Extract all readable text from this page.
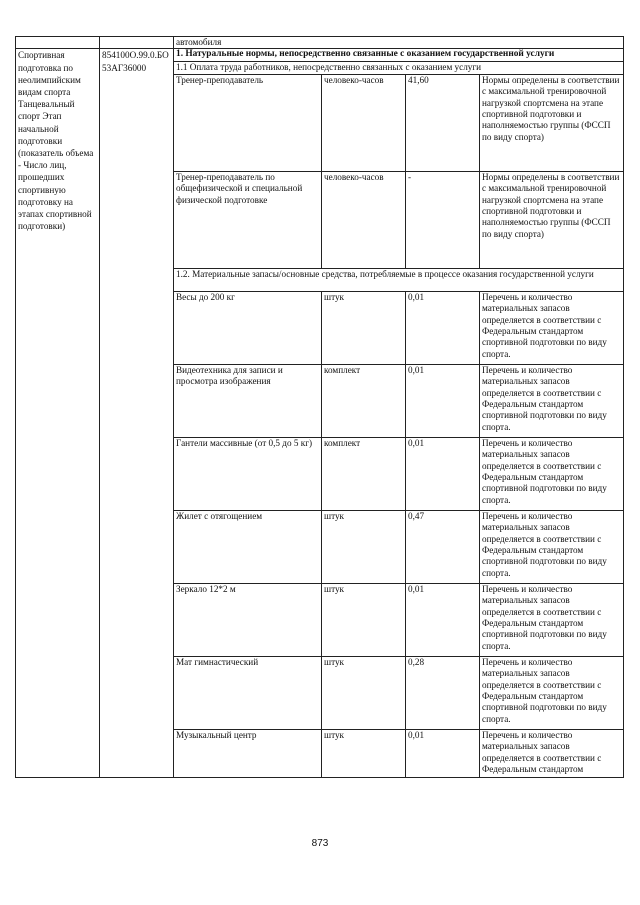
		автомобиля			
Спортивная подготовка по неолимпийским видам спорта Танцевальный спорт Этап начальной подготовки (показатель объема - Число лиц, прошедших спортивную подготовку на этапах спортивной подготовки)	854100О.99.0.БО53АГ36000	1. Натуральные нормы, непосредственно связанные с оказанием государственной услуги			
		1.1 Оплата труда работников, непосредственно связанных с оказанием услуги			
		Тренер-преподаватель	человеко-часов	41,60	Нормы определены в соответствии с максимальной тренировочной нагрузкой спортсмена на этапе спортивной подготовки и наполняемостью группы (ФССП по виду спорта)
		Тренер-преподаватель по общефизической и специальной физической подготовке	человеко-часов	-	Нормы определены в соответствии с максимальной тренировочной нагрузкой спортсмена на этапе спортивной подготовки и наполняемостью группы (ФССП по виду спорта)
		1.2. Материальные запасы/основные средства, потребляемые в процессе оказания государственной услуги			
		Весы до 200 кг	штук	0,01	Перечень и количество материальных запасов определяется в соответствии с Федеральным стандартом спортивной подготовки по виду спорта.
		Видеотехника для записи и просмотра изображения	комплект	0,01	Перечень и количество материальных запасов определяется в соответствии с Федеральным стандартом спортивной подготовки по виду спорта.
		Гантели массивные (от 0,5 до 5 кг)	комплект	0,01	Перечень и количество материальных запасов определяется в соответствии с Федеральным стандартом спортивной подготовки по виду спорта.
		Жилет с отягощением	штук	0,47	Перечень и количество материальных запасов определяется в соответствии с Федеральным стандартом спортивной подготовки по виду спорта.
		Зеркало 12*2 м	штук	0,01	Перечень и количество материальных запасов определяется в соответствии с Федеральным стандартом спортивной подготовки по виду спорта.
		Мат гимнастический	штук	0,28	Перечень и количество материальных запасов определяется в соответствии с Федеральным стандартом спортивной подготовки по виду спорта.
		Музыкальный центр	штук	0,01	Перечень и количество материальных запасов определяется в соответствии с Федеральным стандартом
873
